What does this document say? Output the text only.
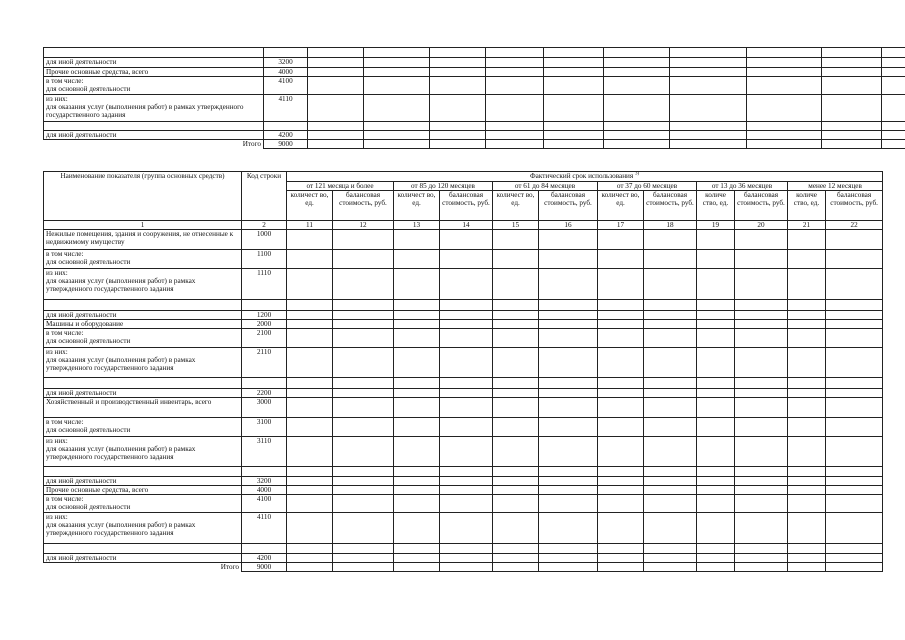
для иной деятельности	3200										
Прочие основные средства, всего	4000										
в том числе:
для основной деятельности	4100										
из них:
для оказания услуг (выполнения работ) в рамках утвержденного государственного задания	4110										

для иной деятельности	4200										
Итого	9000										
Наименование показателя (группа основных средств)	Код строки	Фактический срок использования $^{3)}$
		от 121 месяца и более		от 85 до 120 месяцев		от 61 до 84 месяцев		от 37 до 60 месяцев		от 13 до 36 месяцев		менее 12 месяцев	
		количест во, ед.	балансовая стоимость, руб.	количест во, ед.	балансовая стоимость, руб.	количест во, ед.	балансовая стоимость, руб.	количест во, ед.	балансовая стоимость, руб.	количе ство, ед.	балансовая стоимость, руб.	количе ство, ед.	балансовая стоимость, руб.
1	2	11	12	13	14	15	16	17	18	19	20	21	22
Нежилые помещения, здания и сооружения, не отнесенные к недвижимому имуществу	1000												
в том числе:
для основной деятельности	1100												
из них:
для оказания услуг (выполнения работ) в рамках утвержденного государственного задания	1110												

для иной деятельности	1200												
Машины и оборудование	2000												
в том числе:
для основной деятельности	2100												
из них:
для оказания услуг (выполнения работ) в рамках утвержденного государственного задания	2110												

для иной деятельности	2200												
Хозяйственный и производственный инвентарь, всего	3000												
в том числе:
для основной деятельности	3100												
из них:
для оказания услуг (выполнения работ) в рамках утвержденного государственного задания	3110												

для иной деятельности	3200												
Прочие основные средства, всего	4000												
в том числе:
для основной деятельности	4100												
из них:
для оказания услуг (выполнения работ) в рамках утвержденного государственного задания	4110												

для иной деятельности	4200												
Итого	9000												
